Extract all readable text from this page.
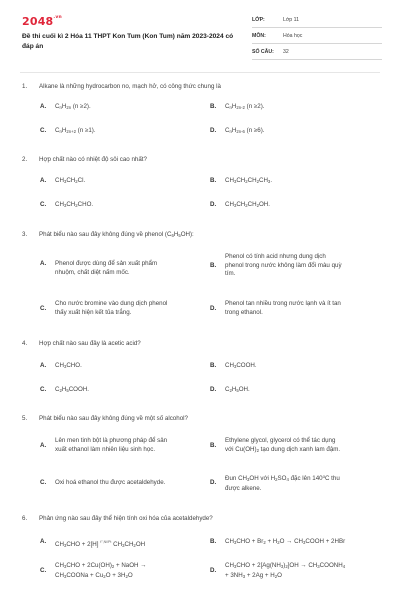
$2048^{.vn}$
Đề thi cuối kì 2 Hóa 11 THPT Kon Tum (Kon Tum) năm 2023-2024 có đáp án
LỚP:	Lớp 11
MÔN:	Hóa học
SỐ CÂU: 32
1. Alkane là những hydrocarbon no, mạch hở, có công thức chung là
A. $C_nH_{2n}$ (n ≥2).	B. $C_nH_{2n-2}$ (n ≥2).
C. $C_nH_{2n+2}$ (n ≥1).	D. $C_nH_{2n-6}$ (n ≥6).
2. Hợp chất nào có nhiệt độ sôi cao nhất?
A. $CH_3CH_2Cl$.	B. $CH_3CH_2CH_2CH_3$.
C. $CH_3CH_2CHO$.	D. $CH_3CH_2CH_2OH$.
3. Phát biểu nào sau đây không đúng về phenol $(C_6H_5OH)$:
A. Phenol được dùng để sản xuất phẩm
nhuộm, chất diệt nấm mốc.
B.
Phenol có tính acid nhưng dung dịch
phenol trong nước không làm đổi màu quỳ
tím.
C.
Cho nước bromine vào dung dịch phenol
thấy xuất hiện kết tủa trắng.
D.
Phenol tan nhiều trong nước lạnh và ít tan
trong ethanol.
4. Hợp chất nào sau đây là acetic acid?
A. $CH_3CHO$.	B. $CH_3COOH$.
C. $C_2H_5COOH$.	D. $C_2H_5OH$.
5. Phát biểu nào sau đây không đúng về một số alcohol?
A.
Lên men tinh bột là phương pháp để sản
xuất ethanol làm nhiên liệu sinh học.
B.
Ethylene glycol, glycerol có thể tác dụng
với $Cu(OH)_2$ tạo dung dịch xanh lam đậm.
C. Oxi hoá ethanol thu được acetaldehyde.	D.
Đun $CH_3OH$ với $H_2SO_4$ đặc lên 140$^o$C thu
được alkene.
6. Phản ứng nào sau đây thể hiện tính oxi hóa của acetaldehyde?
A. $CH_3CHO + 2[H]$ $^{t^\circ,Ni/Pt}$ $CH_3CH_2OH$	B. $CH_3CHO + Br_2 + H_2O$ → $CH_3COOH + 2HBr$
C.
$CH_3CHO + 2Cu(OH)_2$ + NaOH →
$CH_3COONa + Cu_2O + 3H_2O$
D.
$CH_3CHO + 2[Ag(NH_3)_2]OH$ → $CH_3COONH_4$
+ $3NH_3 + 2Ag + H_2O$
